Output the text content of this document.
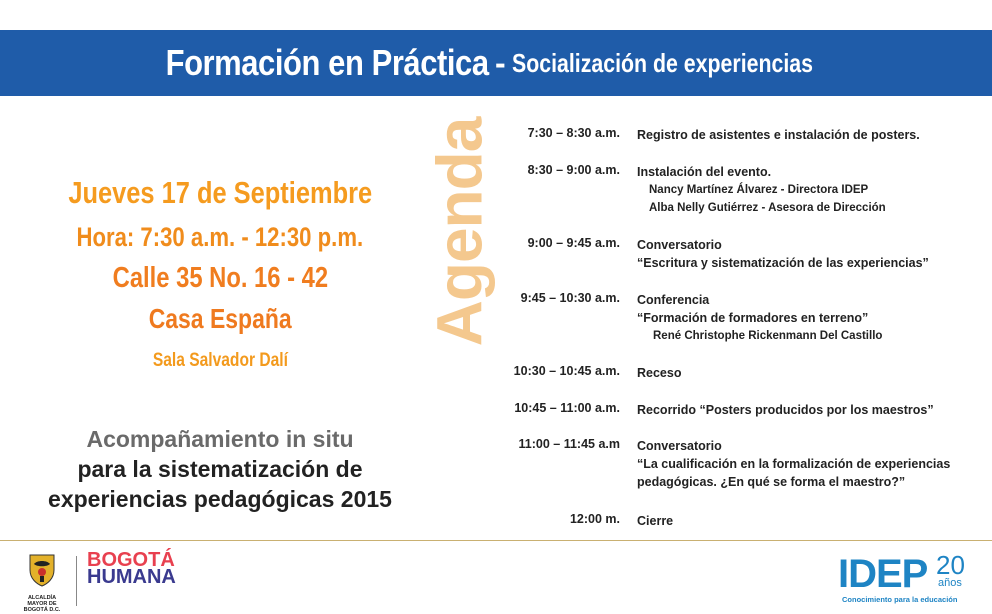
Formación en Práctica - Socialización de experiencias
Jueves 17 de Septiembre
Hora: 7:30 a.m. - 12:30 p.m.
Calle 35 No. 16 - 42
Casa España
Sala Salvador Dalí
Acompañamiento in situ
para la sistematización de
experiencias pedagógicas 2015
Agenda	7:30 – 8:30 a.m. Registro de asistentes e instalación de posters.
8:30 – 9:00 a.m. Instalación del evento.
Nancy Martínez Álvarez - Directora IDEP
Alba Nelly Gutiérrez - Asesora de Dirección
9:00 – 9:45 a.m. Conversatorio
“Escritura y sistematización de las experiencias”
9:45 – 10:30 a.m. Conferencia
“Formación de formadores en terreno”
René Christophe Rickenmann Del Castillo
10:30 – 10:45 a.m. Receso
10:45 – 11:00 a.m. Recorrido “Posters producidos por los maestros”
11:00 – 11:45 a.m Conversatorio
“La cualificación en la formalización de experiencias
pedagógicas. ¿En qué se forma el maestro?”
12:00 m. Cierre
ALCALDÍA MAYOR DE BOGOTÁ D.C.
BOGOTÁ
HUMANA	IDEP 20
años
Conocimiento para la educación
